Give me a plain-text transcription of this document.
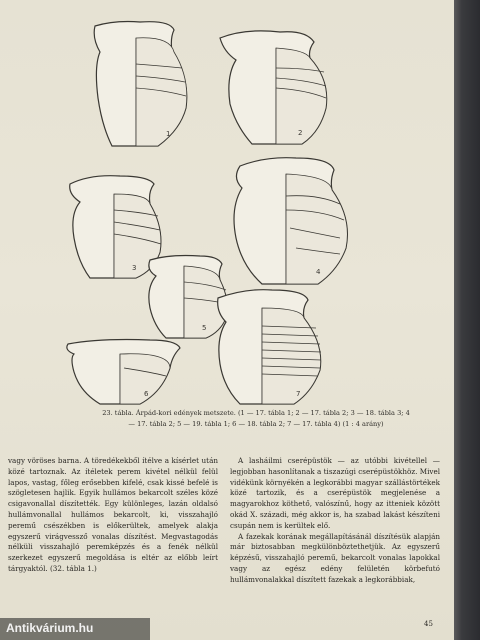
1	2
3	4
5
6	7
23. tábla. Árpád-kori edények metszete. (1 — 17. tábla 1; 2 — 17. tábla 2; 3 — 18. tábla 3; 4 — 17. tábla 2; 5 — 19. tábla 1; 6 — 18. tábla 2; 7 — 17. tábla 4) (1 : 4 arány)

vagy vöröses barna. A töredékekből ítélve a kísérlet után közé tartoznak. Az ítéletek perem kivétel nélkül felül lapos, vastag, főleg erősebben kifelé, csak kissé befelé is szögletesen hajlik. Egyik hullámos bekarcolt széles közé csigavonallal díszítették. Egy különleges, lazán oldalsó hullámvonallal hullámos bekarcolt, ki, visszahajló peremű csészékben is előkerültek, amelyek alakja egyszerű virágvessző vonalas díszítést. Megvastagodás nélküli visszahajló peremképzés és a fenék nélkül szerkezet egyszerű megoldása is eltér az előbb leírt tárgyaktól. (32. tábla 1.)

A lasháilmi cserépüstök — az utóbbi kivétellel — legjobban hasonlítanak a tiszazúgi cserépüstökhöz. Mivel vidékünk környékén a legkorábbi magyar szállástörtékek közé tartozik, és a cserépüstök megjelenése a magyarokhoz köthető, valószínű, hogy az itteniek között okád X. századi, még akkor is, ha szabad lakást készíteni csupán nem is kerültek elő.

A fazekak korának megállapításánál díszítésük alapján már biztosabban megkülönböztethetjük. Az egyszerű képzésű, visszahajló peremű, bekarcolt vonalas lapokkal vagy az egész edény felületén körbefutó hullámvonalakkal díszített fazekak a legkorábbiak,

45
Antikvárium.hu
